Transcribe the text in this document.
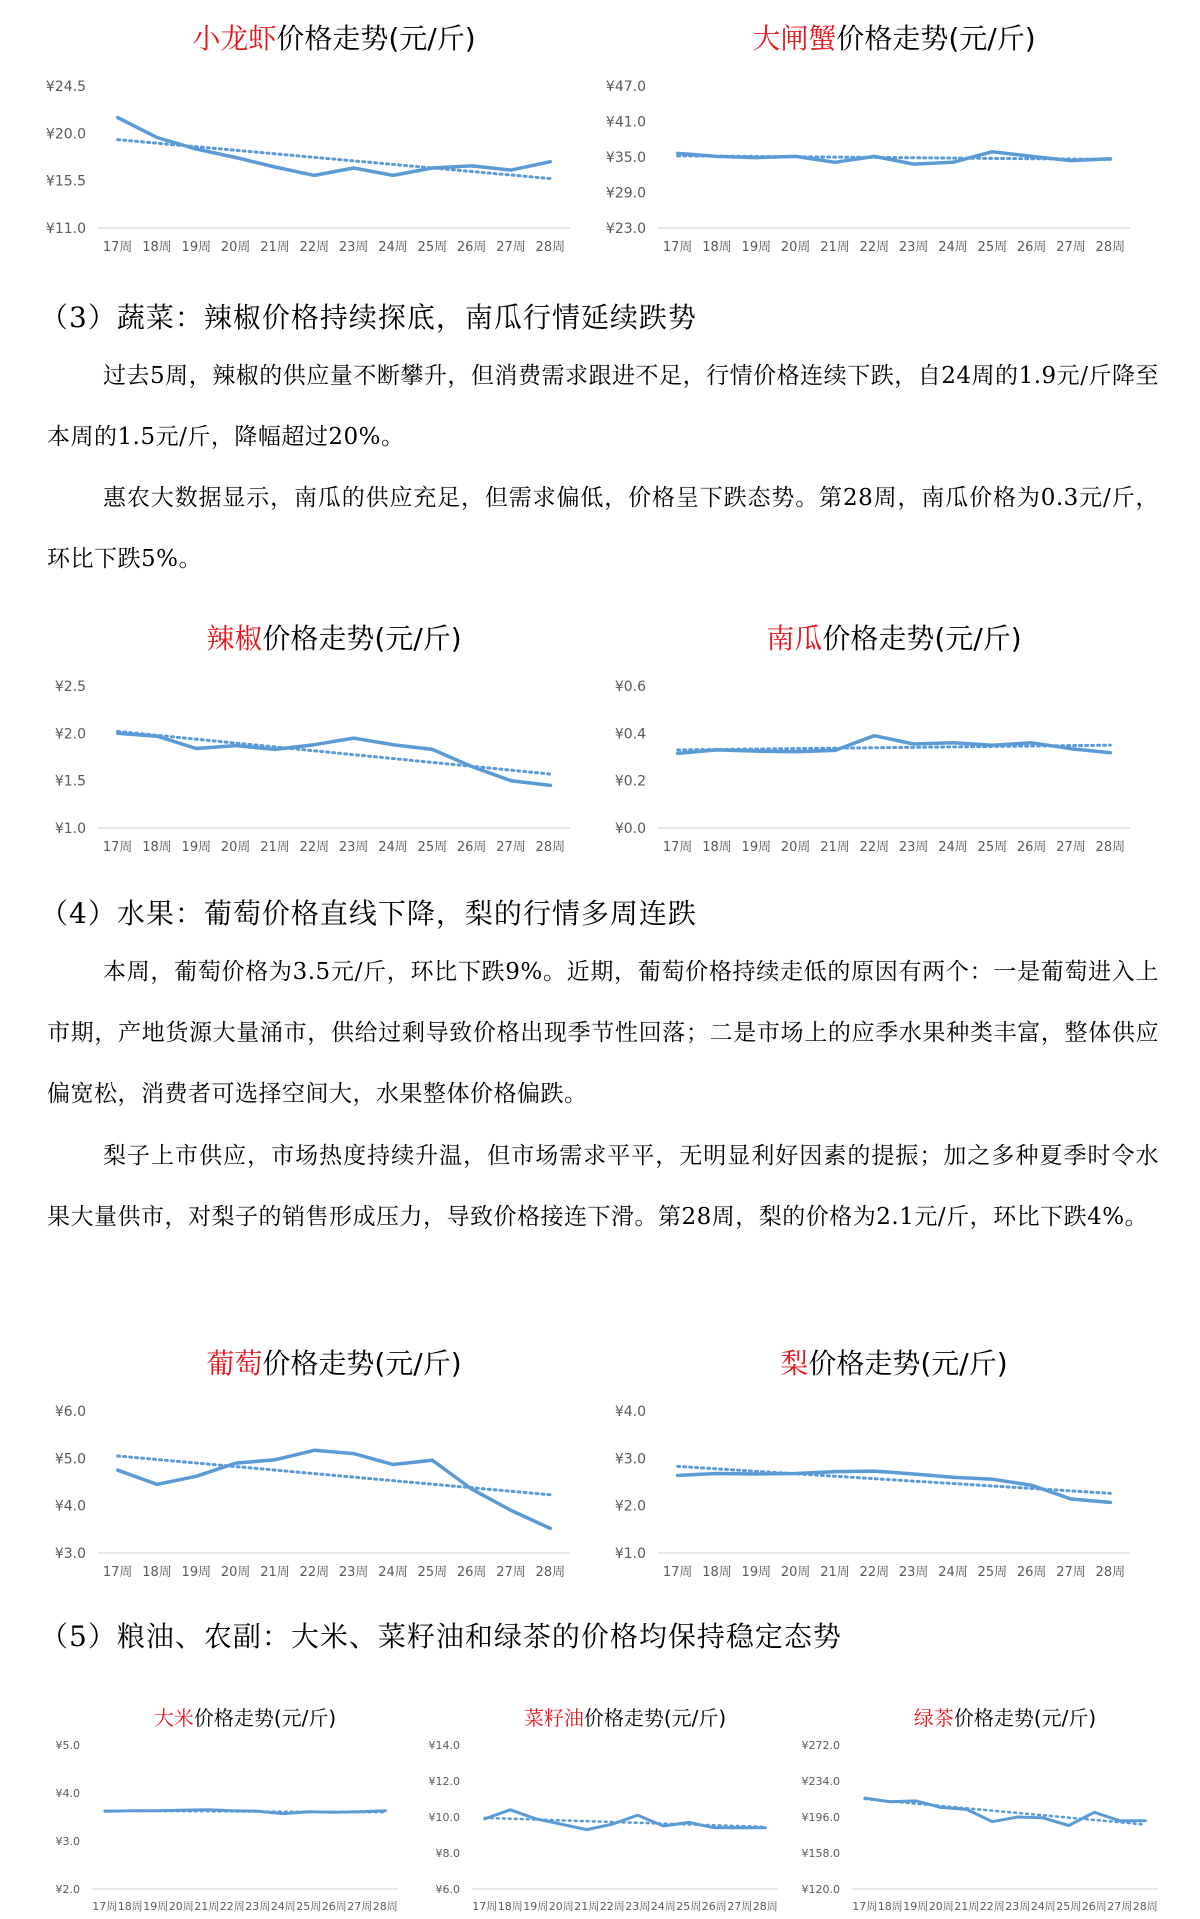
小龙虾价格走势(元/斤)
¥11.0
¥15.5
¥20.0
¥24.5
17周 18周 19周 20周 21周 22周 23周 24周 25周 26周 27周 28周
大闸蟹价格走势(元/斤)
¥23.0
¥29.0
¥35.0
¥41.0
¥47.0
17周 18周 19周 20周 21周 22周 23周 24周 25周 26周 27周 28周
（3）蔬菜：辣椒价格持续探底，南瓜行情延续跌势

过去5周，辣椒的供应量不断攀升，但消费需求跟进不足，行情价格连续下跌，自24周的1.9元/斤降至本周的1.5元/斤，降幅超过20%。

惠农大数据显示，南瓜的供应充足，但需求偏低，价格呈下跌态势。第28周，南瓜价格为0.3元/斤，环比下跌5%。

辣椒价格走势(元/斤)
¥1.0
¥1.5
¥2.0
¥2.5
17周 18周 19周 20周 21周 22周 23周 24周 25周 26周 27周 28周
南瓜价格走势(元/斤)
¥0.0
¥0.2
¥0.4
¥0.6
17周 18周 19周 20周 21周 22周 23周 24周 25周 26周 27周 28周
（4）水果：葡萄价格直线下降，梨的行情多周连跌

本周，葡萄价格为3.5元/斤，环比下跌9%。近期，葡萄价格持续走低的原因有两个：一是葡萄进入上市期，产地货源大量涌市，供给过剩导致价格出现季节性回落；二是市场上的应季水果种类丰富，整体供应偏宽松，消费者可选择空间大，水果整体价格偏跌。

梨子上市供应，市场热度持续升温，但市场需求平平，无明显利好因素的提振；加之多种夏季时令水果大量供市，对梨子的销售形成压力，导致价格接连下滑。第28周，梨的价格为2.1元/斤，环比下跌4%。

葡萄价格走势(元/斤)
¥3.0
¥4.0
¥5.0
¥6.0
17周 18周 19周 20周 21周 22周 23周 24周 25周 26周 27周 28周
梨价格走势(元/斤)
¥1.0
¥2.0
¥3.0
¥4.0
17周 18周 19周 20周 21周 22周 23周 24周 25周 26周 27周 28周
（5）粮油、农副：大米、菜籽油和绿茶的价格均保持稳定态势
大米价格走势(元/斤)
¥2.0
¥3.0
¥4.0
¥5.0
17周 18周 19周 20周 21周 22周 23周 24周 25周 26周 27周 28周
菜籽油价格走势(元/斤)
¥6.0
¥8.0
¥10.0
¥12.0
¥14.0
17周 18周 19周 20周 21周 22周 23周 24周 25周 26周 27周 28周
绿茶价格走势(元/斤)
¥120.0
¥158.0
¥196.0
¥234.0
¥272.0
17周 18周 19周 20周 21周 22周 23周 24周 25周 26周 27周 28周
